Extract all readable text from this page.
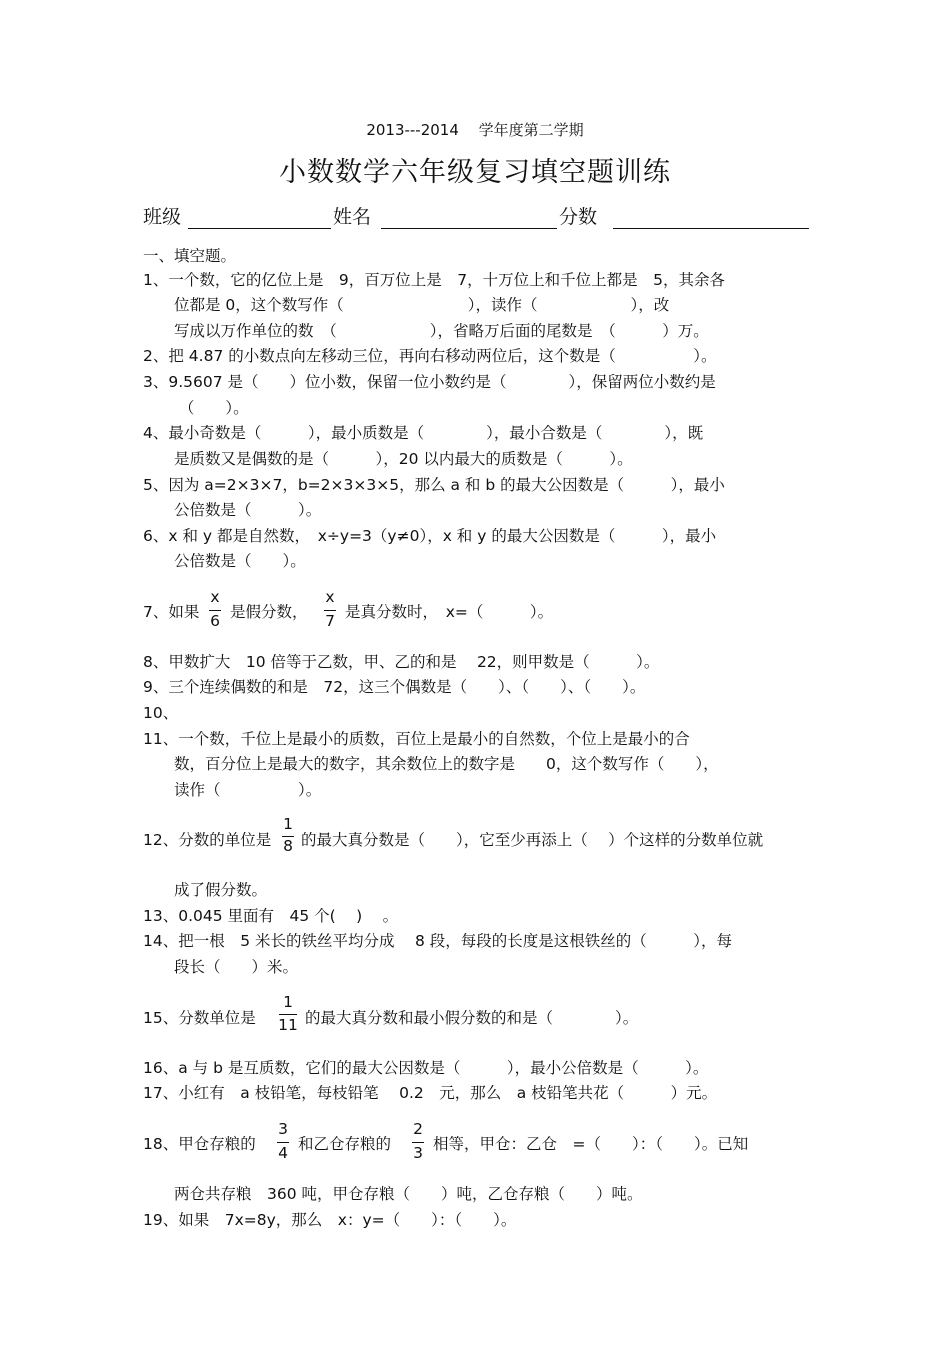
2013---2014　 学年度第二学期
小数数学六年级复习填空题训练
班级	姓名	分数
一、填空题。
1、一个数，它的亿位上是　9，百万位上是　7，十万位上和千位上都是　5，其余各
　　位都是 0，这个数写作（　　　　　　　　），读作（　　　　　　），改
　　写成以万作单位的数　（　　　　　　），省略万后面的尾数是　（　　　）万。
2、把 4.87 的小数点向左移动三位，再向右移动两位后，这个数是（　　　　　）。
3、9.5607 是（　　）位小数，保留一位小数约是（　　　　），保留两位小数约是
　　 （　　）。
4、最小奇数是（　　　），最小质数是（　　　　），最小合数是（　　　　），既
　　是质数又是偶数的是（　　　），20 以内最大的质数是（　　　）。
5、因为 a=2×3×7，b=2×3×3×5，那么 a 和 b 的最大公因数是（　　　），最小
　　公倍数是（　　　）。
6、x 和 y 都是自然数，　x÷y=3（y≠0），x 和 y 的最大公因数是（　　　），最小
　　公倍数是（　　）。
7、如果
x
6 是假分数，
x
7 是真分数时，　x=（　　　）。
8、甲数扩大　10 倍等于乙数，甲、乙的和是　 22，则甲数是（　　　）。
9、三个连续偶数的和是　72，这三个偶数是（　　）、（　　）、（　　）。
10、
11、一个数，千位上是最小的质数，百位上是最小的自然数，个位上是最小的合
　　数，百分位上是最大的数字，其余数位上的数字是　　0，这个数写作（　　），
　　读作（　　　　　）。
12、分数的单位是
1
8 的最大真分数是（　　），它至少再添上（　 ）个这样的分数单位就
　　成了假分数。
13、0.045 里面有　45 个(　 )　 。
14、把一根　5 米长的铁丝平均分成　 8 段，每段的长度是这根铁丝的（　　　），每
　　段长（　　）米。
15、分数单位是
1
11 的最大真分数和最小假分数的和是（　　　　）。
16、a 与 b 是互质数，它们的最大公因数是（　　　），最小公倍数是（　　　）。
17、小红有　a 枝铅笔，每枝铅笔　 0.2　元，那么　a 枝铅笔共花（　　　）元。
18、甲仓存粮的
3
4 和乙仓存粮的
2
3 相等，甲仓：乙仓　=（　　）：（　　）。已知
　　两仓共存粮　360 吨，甲仓存粮（　　）吨，乙仓存粮（　　）吨。
19、如果　7x=8y，那么　x：y=（　　）：（　　）。
